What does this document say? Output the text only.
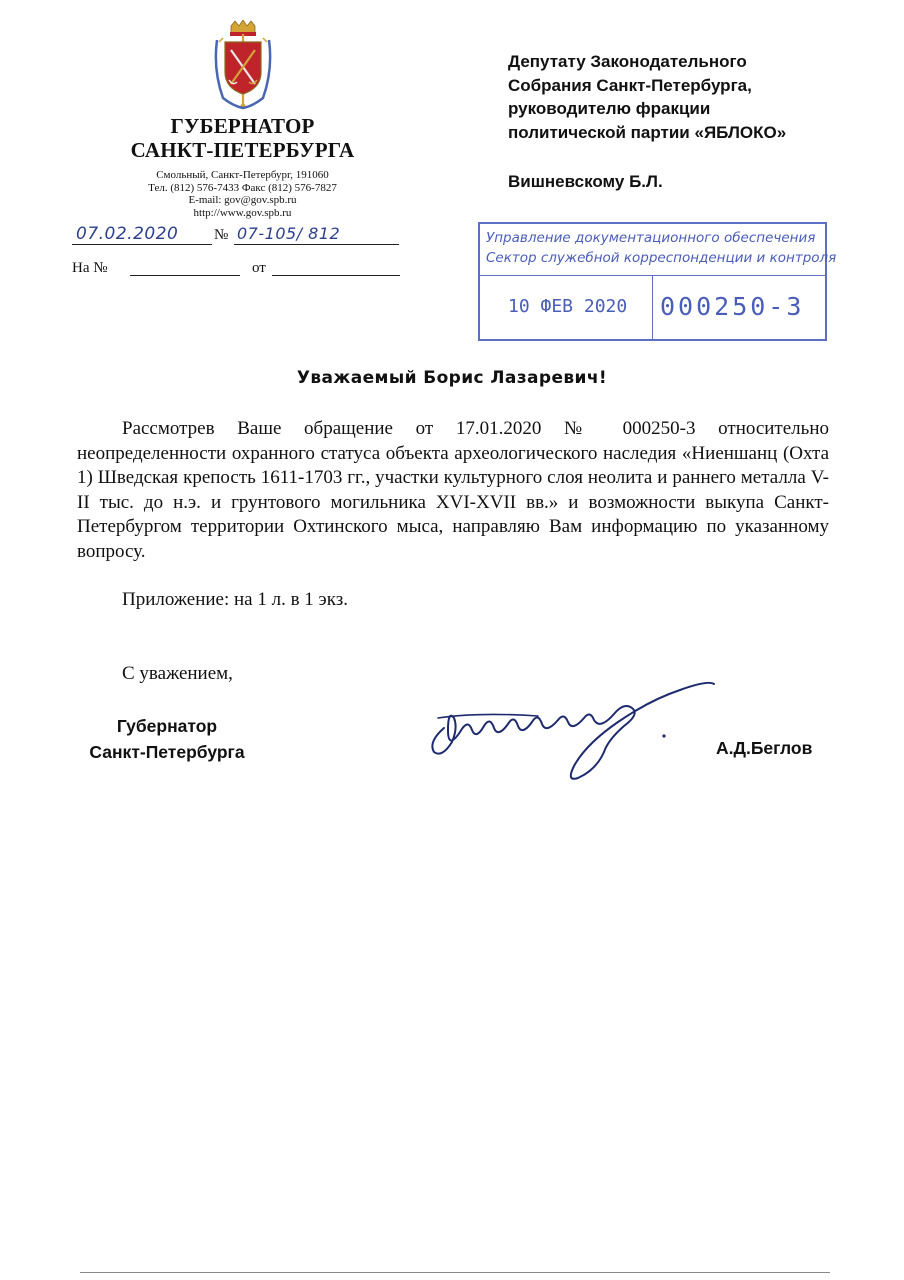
ГУБЕРНАТОР
САНКТ-ПЕТЕРБУРГА
Смольный, Санкт-Петербург, 191060
Тел. (812) 576-7433 Факс (812) 576-7827
E-mail: gov@gov.spb.ru
http://www.gov.spb.ru
07.02.2020 № 07-105/ 812
На №	от
Депутату Законодательного
Собрания Санкт-Петербурга,
руководителю фракции
политической партии «ЯБЛОКО»
Вишневскому Б.Л.
Управление документационного обеспечения
Сектор служебной корреспонденции и контроля
10 ФЕВ 2020 000250-3
Уважаемый Борис Лазаревич!
Рассмотрев Ваше обращение от 17.01.2020 № 000250-3 относительно неопределенности охранного статуса объекта археологического наследия «Ниеншанц (Охта 1) Шведская крепость 1611-1703 гг., участки культурного слоя неолита и раннего металла V-II тыс. до н.э. и грунтового могильника XVI-XVII вв.» и возможности выкупа Санкт-Петербургом территории Охтинского мыса, направляю Вам информацию по указанному вопросу.
Приложение: на 1 л. в 1 экз.
С уважением,
Губернатор
Санкт-Петербурга	А.Д.Беглов
